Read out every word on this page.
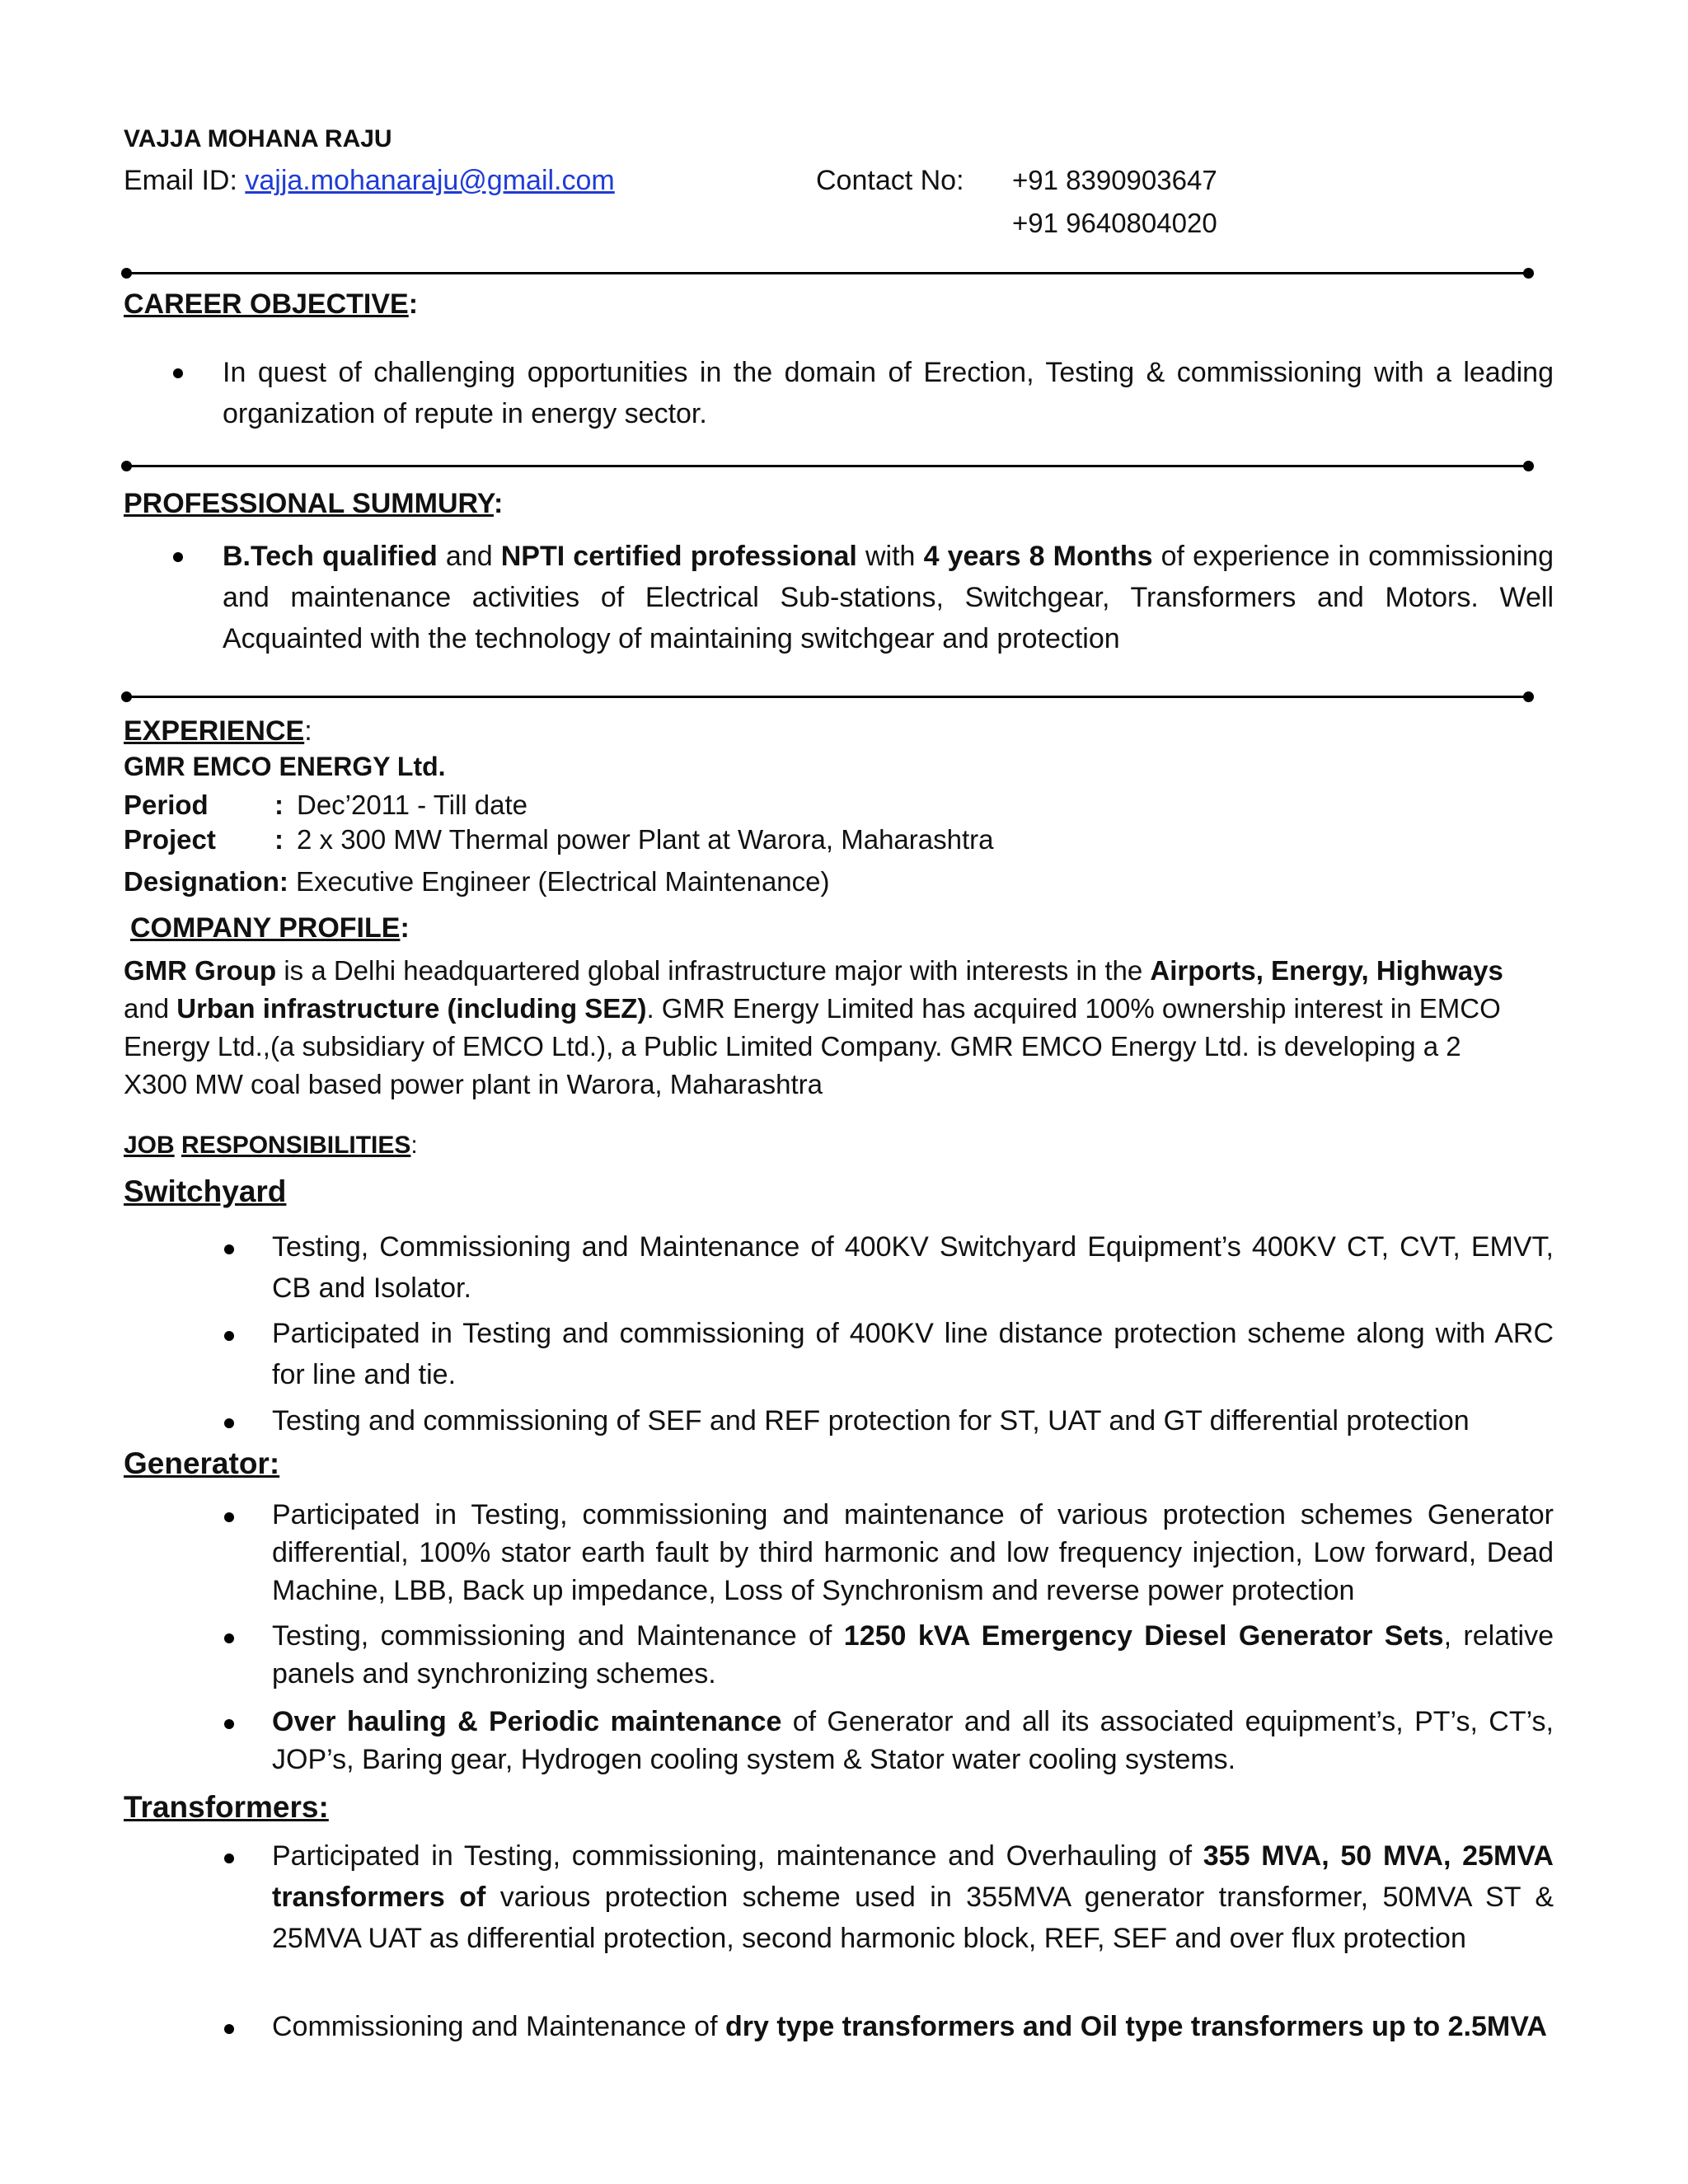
VAJJA MOHANA RAJU
Email ID: vajja.mohanaraju@gmail.com	Contact No: +91 8390903647
+91 9640804020
CAREER OBJECTIVE:
In quest of challenging opportunities in the domain of Erection, Testing & commissioning with a leading organization of repute in energy sector.
PROFESSIONAL SUMMURY:
B.Tech qualified and NPTI certified professional with 4 years 8 Months of experience in commissioning and maintenance activities of Electrical Sub-stations, Switchgear, Transformers and Motors. Well Acquainted with the technology of maintaining switchgear and protection
EXPERIENCE:
GMR EMCO ENERGY Ltd.
Period : Dec’2011 - Till date
Project : 2 x 300 MW Thermal power Plant at Warora, Maharashtra
Designation: Executive Engineer (Electrical Maintenance)
COMPANY PROFILE:
GMR Group is a Delhi headquartered global infrastructure major with interests in the Airports, Energy, Highways and Urban infrastructure (including SEZ). GMR Energy Limited has acquired 100% ownership interest in EMCO Energy Ltd.,(a subsidiary of EMCO Ltd.), a Public Limited Company. GMR EMCO Energy Ltd. is developing a 2 X300 MW coal based power plant in Warora, Maharashtra
JOB RESPONSIBILITIES:
Switchyard
Testing, Commissioning and Maintenance of 400KV Switchyard Equipment’s 400KV CT, CVT, EMVT, CB and Isolator.
Participated in Testing and commissioning of 400KV line distance protection scheme along with ARC for line and tie.
Testing and commissioning of SEF and REF protection for ST, UAT and GT differential protection
Generator:
Participated in Testing, commissioning and maintenance of various protection schemes Generator differential, 100% stator earth fault by third harmonic and low frequency injection, Low forward, Dead Machine, LBB, Back up impedance, Loss of Synchronism and reverse power protection
Testing, commissioning and Maintenance of 1250 kVA Emergency Diesel Generator Sets, relative panels and synchronizing schemes.
Over hauling & Periodic maintenance of Generator and all its associated equipment’s, PT’s, CT’s, JOP’s, Baring gear, Hydrogen cooling system & Stator water cooling systems.
Transformers:
Participated in Testing, commissioning, maintenance and Overhauling of 355 MVA, 50 MVA, 25MVA transformers of various protection scheme used in 355MVA generator transformer, 50MVA ST & 25MVA UAT as differential protection, second harmonic block, REF, SEF and over flux protection
Commissioning and Maintenance of dry type transformers and Oil type transformers up to 2.5MVA
